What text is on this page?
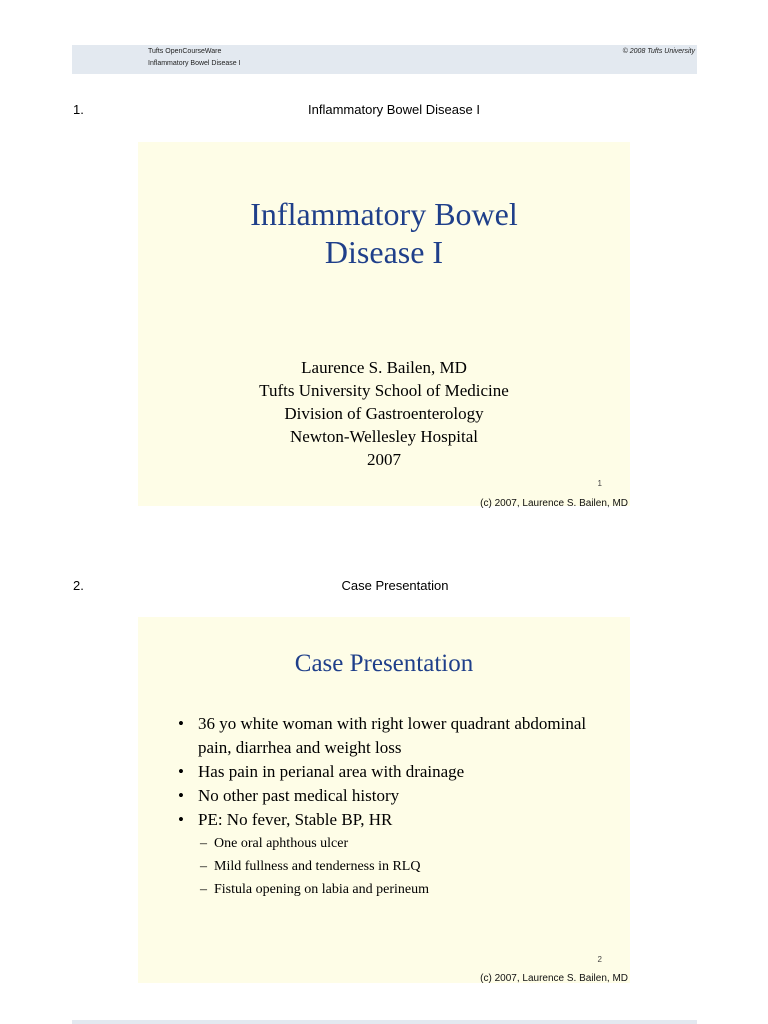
Tufts OpenCourseWare
Inflammatory Bowel Disease I
© 2008 Tufts University
1.	Inflammatory Bowel Disease I
Inflammatory Bowel
Disease I
Laurence S. Bailen, MD
Tufts University School of Medicine
Division of Gastroenterology
Newton-Wellesley Hospital
2007
1
(c) 2007, Laurence S. Bailen, MD
2.	Case Presentation
Case Presentation
• 36 yo white woman with right lower quadrant abdominal pain, diarrhea and weight loss
• Has pain in perianal area with drainage
• No other past medical history
• PE: No fever, Stable BP, HR
– One oral aphthous ulcer
– Mild fullness and tenderness in RLQ
– Fistula opening on labia and perineum
2
(c) 2007, Laurence S. Bailen, MD
